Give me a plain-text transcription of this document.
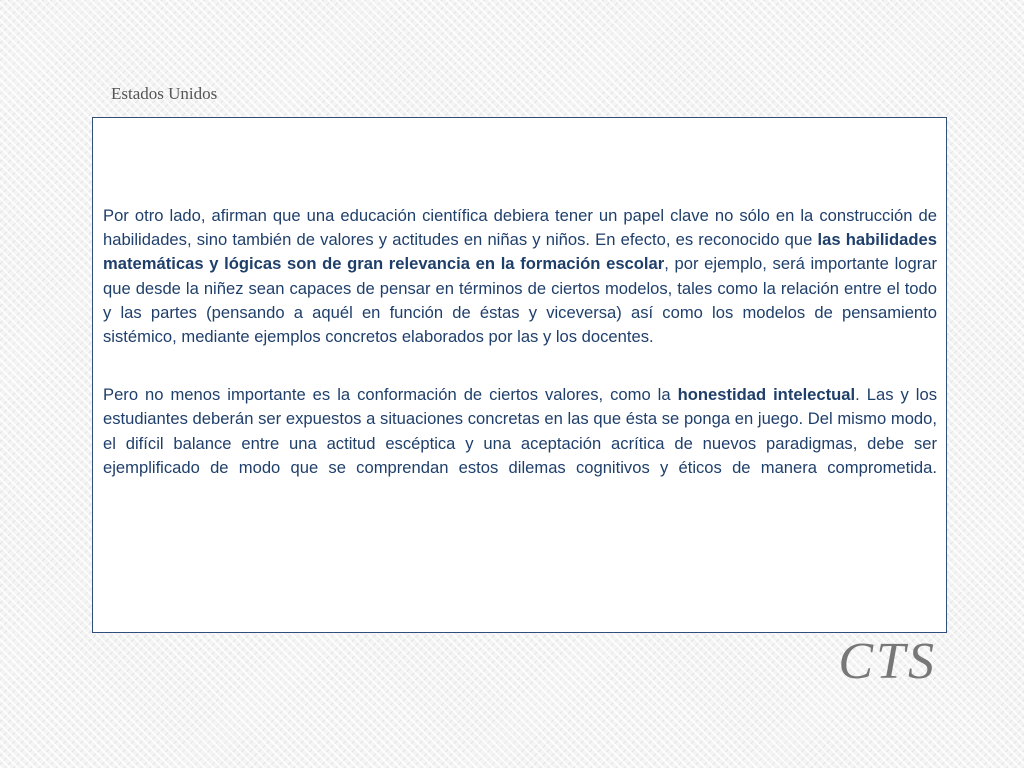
Estados Unidos

Por otro lado, afirman que una educación científica debiera tener un papel clave no sólo en la construcción de habilidades, sino también de valores y actitudes en niñas y niños. En efecto, es reconocido que las habilidades matemáticas y lógicas son de gran relevancia en la formación escolar, por ejemplo, será importante lograr que desde la niñez sean capaces de pensar en términos de ciertos modelos, tales como la relación entre el todo y las partes (pensando a aquél en función de éstas y viceversa) así como los modelos de pensamiento sistémico, mediante ejemplos concretos elaborados por las y los docentes.

Pero no menos importante es la conformación de ciertos valores, como la honestidad intelectual. Las y los estudiantes deberán ser expuestos a situaciones concretas en las que ésta se ponga en juego. Del mismo modo, el difícil balance entre una actitud escéptica y una aceptación acrítica de nuevos paradigmas, debe ser ejemplificado de modo que se comprendan estos dilemas cognitivos y éticos de manera comprometida.

CTS
